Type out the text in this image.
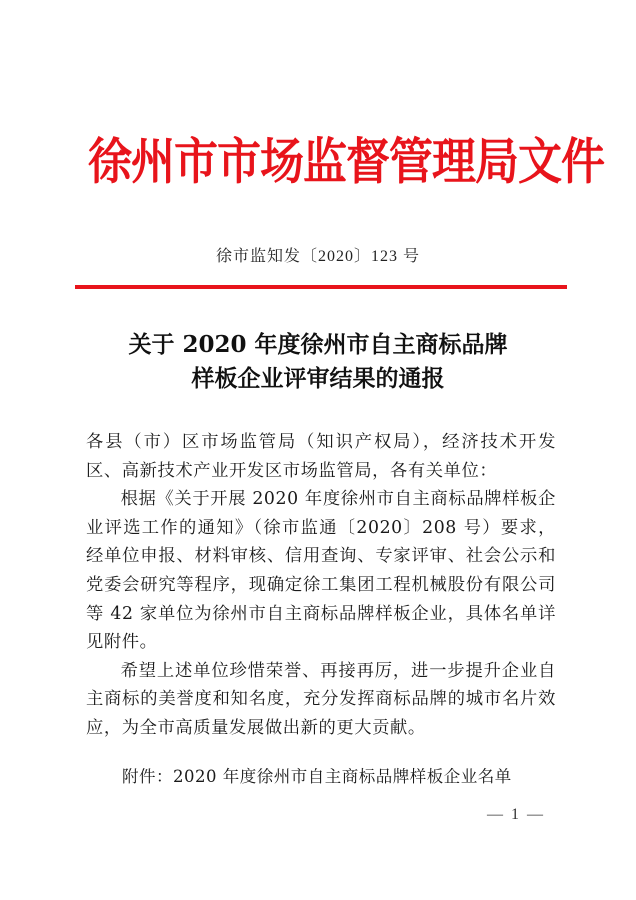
徐州市市场监督管理局文件
徐市监知发〔2020〕123 号
关于 2020 年度徐州市自主商标品牌
样板企业评审结果的通报

各县（市）区市场监管局（知识产权局），经济技术开发区、高新技术产业开发区市场监管局，各有关单位：

根据《关于开展 2020 年度徐州市自主商标品牌样板企业评选工作的通知》（徐市监通〔2020〕208 号）要求，经单位申报、材料审核、信用查询、专家评审、社会公示和党委会研究等程序，现确定徐工集团工程机械股份有限公司等 42 家单位为徐州市自主商标品牌样板企业，具体名单详见附件。

希望上述单位珍惜荣誉、再接再厉，进一步提升企业自主商标的美誉度和知名度，充分发挥商标品牌的城市名片效应，为全市高质量发展做出新的更大贡献。

附件：2020 年度徐州市自主商标品牌样板企业名单
— 1 —
